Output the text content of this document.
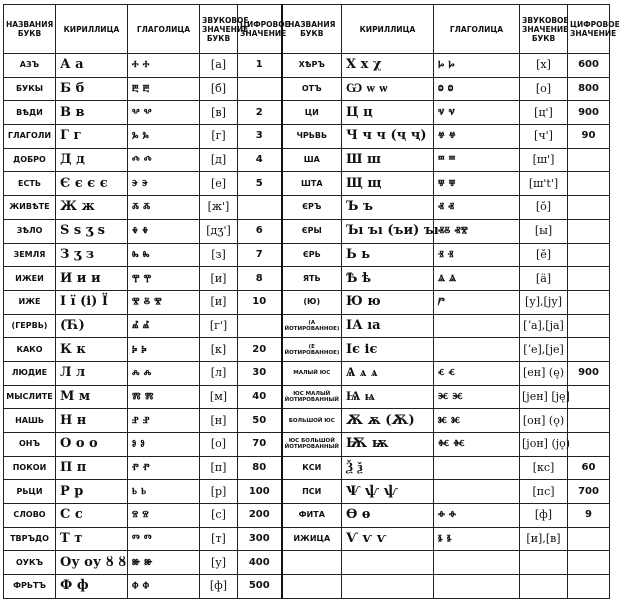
НАЗВАНИЯ БУКВ	КИРИЛЛИЦА	ГЛАГОЛИЦА	ЗВУКОВОЕ ЗНАЧЕНИЕ БУКВ	ЦИФРОВОЕ ЗНАЧЕНИЕ	НАЗВАНИЯ БУКВ	КИРИЛЛИЦА	ГЛАГОЛИЦА	ЗВУКОВОЕ ЗНАЧЕНИЕ БУКВ	ЦИФРОВОЕ ЗНАЧЕНИЕ
АЗЪ	А а	ⰰ ⰰ	[а]	1	ХѢРЪ	Х х χ	ⱈ ⱈ	[х]	600
БУКЫ	Б б	ⰱ ⰱ	[б]		ОТЪ	Ѡ ѡ ѡ	ⱉ ⱉ	[о]	800
ВѢДИ	В в	ⰲ ⰲ	[в]	2	ЦИ	Ц ц	ⱌ ⱌ	[ц']	900
ГЛАГОЛИ	Г г	ⰳ ⰳ	[г]	3	ЧРЬВЬ	Ч ч ч (ҷ ҷ)	ⱍ ⱍ	[ч']	90
ДОБРО	Д д	ⰴ ⰴ	[д]	4	ША	Ш ш	ⱎ ⱎ	[ш']	
ЕСТЬ	Є є є є	ⰵ ⰵ	[е]	5	ШТА	Щ щ	ⱋ ⱋ	[ш't']	
ЖИВѢТЕ	Ж ж	ⰶ ⰶ	[ж']		ЄРЪ	Ъ ъ	ⱏ ⱏ	[ŏ]	
ЗѢЛО	Ѕ ѕ ӡ ѕ	ⰷ ⰷ	[дʒ']	6	ЄРЫ	Ъı ъı (ъи) ъı	ⱏⰻ ⱏⰺ	[ы]	
ЗЕМЛЯ	З ӡ з	ⰸ ⰸ	[з]	7	ЄРЬ	Ь ь	ⱐ ⱐ	[ĕ]	
ИЖЕИ	И и и	ⰹ ⰹ	[и]	8	ЯТЬ	Ѣ ѣ	ⱑ ⱑ	[ä]	
ИЖЕ	І ї (і) Ї	ⰺ ⰻ ⰺ	[и]	10	(Ю)	Ю ю	ⱓ	[у],[ју]	
(ГЕРВЬ)	(Ћ)	ⰼ ⰼ	[г']		(А ЙОТИРОВАННОЕ)	ІА ıа		[ʼа],[ја]	
КАКО	К к	ⰽ ⰽ	[к]	20	(Е ЙОТИРОВАННОЕ)	Іє іє		[ʼе],[је]	
ЛЮДИЕ	Л л	ⰾ ⰾ	[л]	30	МАЛЫЙ ЮС	Ѧ ѧ ѧ	ⱔ ⱔ	[ен] (ę)	900
МЫСЛИТЕ	М м	ⰿ ⰿ	[м]	40	ЮС МАЛЫЙ ЙОТИРОВАННЫЙ	Ѩ ѩ	ⱗ ⱗ	[јен] [ję]	
НАШЬ	Н н	ⱀ ⱀ	[н]	50	БОЛЬШОЙ ЮС	Ѫ ѫ (Ѫ)	ⱘ ⱘ	[он] (ǫ)	
ОНЪ	О о о	ⱁ ⱁ	[о]	70	ЮС БОЛЬШОЙ ЙОТИРОВАННЫЙ	Ѭ ѭ	ⱙ ⱙ	[јон] (jǫ)	
ПОКОИ	П п	ⱂ ⱂ	[п]	80	КСИ	Ѯ ѯ		[кс]	60
РЬЦИ	Р р	ⱃ ⱃ	[р]	100	ПСИ	Ѱ ѱ ѱ		[пс]	700
СЛОВО	С с	ⱄ ⱄ	[с]	200	ФИТА	Ѳ ѳ	ⱚ ⱚ	[ф]	9
ТВРЪДО	Т т	ⱅ ⱅ	[т]	300	ИЖИЦА	Ѵ ѵ ѵ	ⱛ ⱛ	[и],[в]	
ОУКЪ	Оу оу ȣ ȣ	ⱆ ⱆ	[у]	400					
ФРЬТЪ	Ф ф	ⱇ ⱇ	[ф]	500					
